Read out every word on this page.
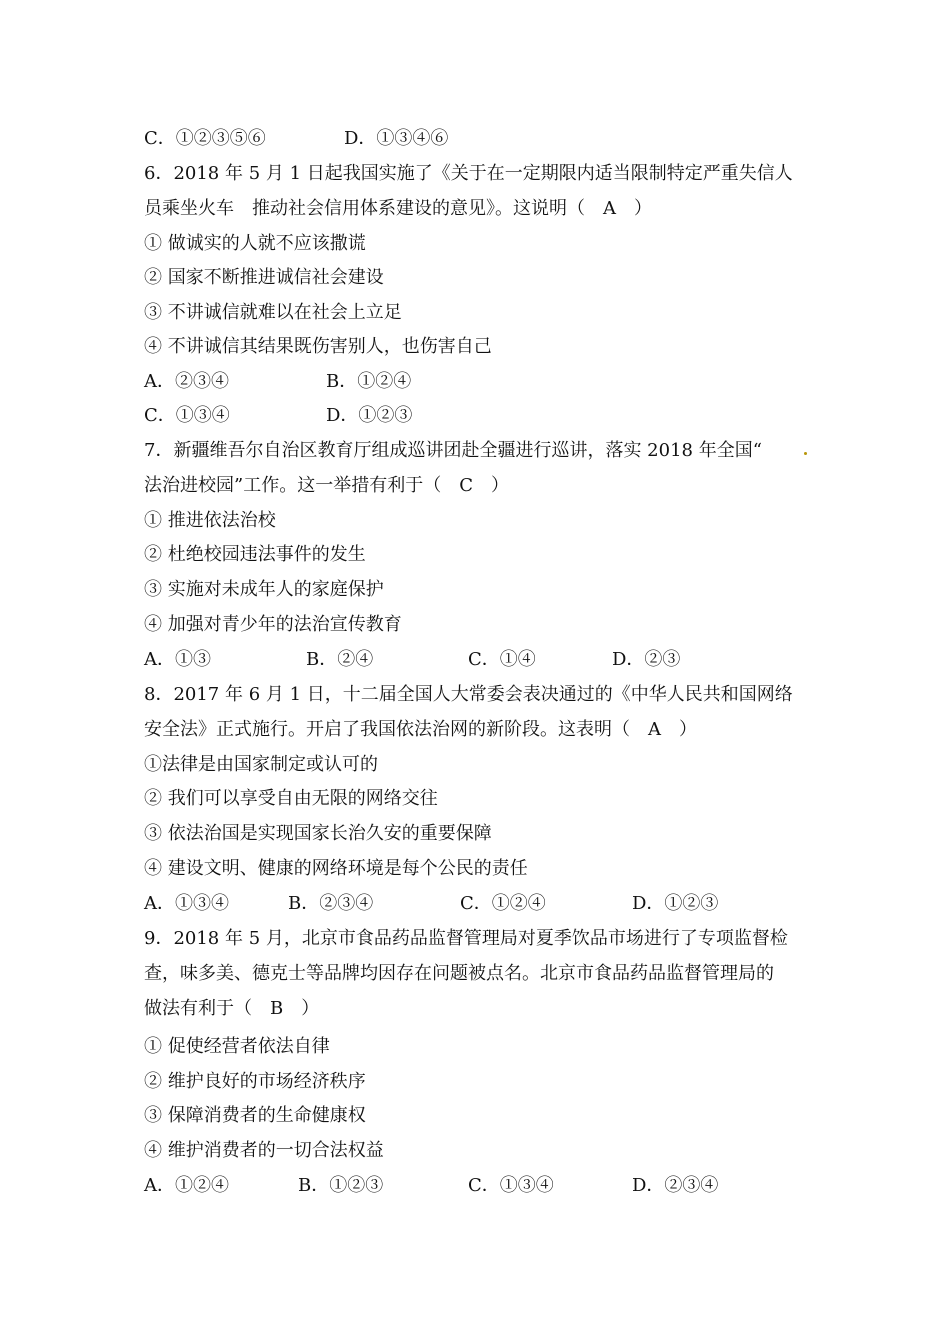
C．①②③⑤⑥	D．①③④⑥
6．2018 年 5 月 1 日起我国实施了《关于在一定期限内适当限制特定严重失信人
员乘坐火车　推动社会信用体系建设的意见》。这说明（　A　）
① 做诚实的人就不应该撒谎
② 国家不断推进诚信社会建设
③ 不讲诚信就难以在社会上立足
④ 不讲诚信其结果既伤害别人，也伤害自己
A．②③④	B．①②④
C．①③④	D．①②③
7．新疆维吾尔自治区教育厅组成巡讲团赴全疆进行巡讲，落实 2018 年全国“
法治进校园”工作。这一举措有利于（　C　）
① 推进依法治校
② 杜绝校园违法事件的发生
③ 实施对未成年人的家庭保护
④ 加强对青少年的法治宣传教育
A．①③	B．②④	C．①④	D．②③
8．2017 年 6 月 1 日，十二届全国人大常委会表决通过的《中华人民共和国网络
安全法》正式施行。开启了我国依法治网的新阶段。这表明（　A　）
①法律是由国家制定或认可的
② 我们可以享受自由无限的网络交往
③ 依法治国是实现国家长治久安的重要保障
④ 建设文明、健康的网络环境是每个公民的责任
A．①③④	B．②③④	C．①②④	D．①②③
9．2018 年 5 月，北京市食品药品监督管理局对夏季饮品市场进行了专项监督检
查，味多美、德克士等品牌均因存在问题被点名。北京市食品药品监督管理局的
做法有利于（　B　）
① 促使经营者依法自律
② 维护良好的市场经济秩序
③ 保障消费者的生命健康权
④ 维护消费者的一切合法权益
A．①②④	B．①②③	C．①③④	D．②③④
